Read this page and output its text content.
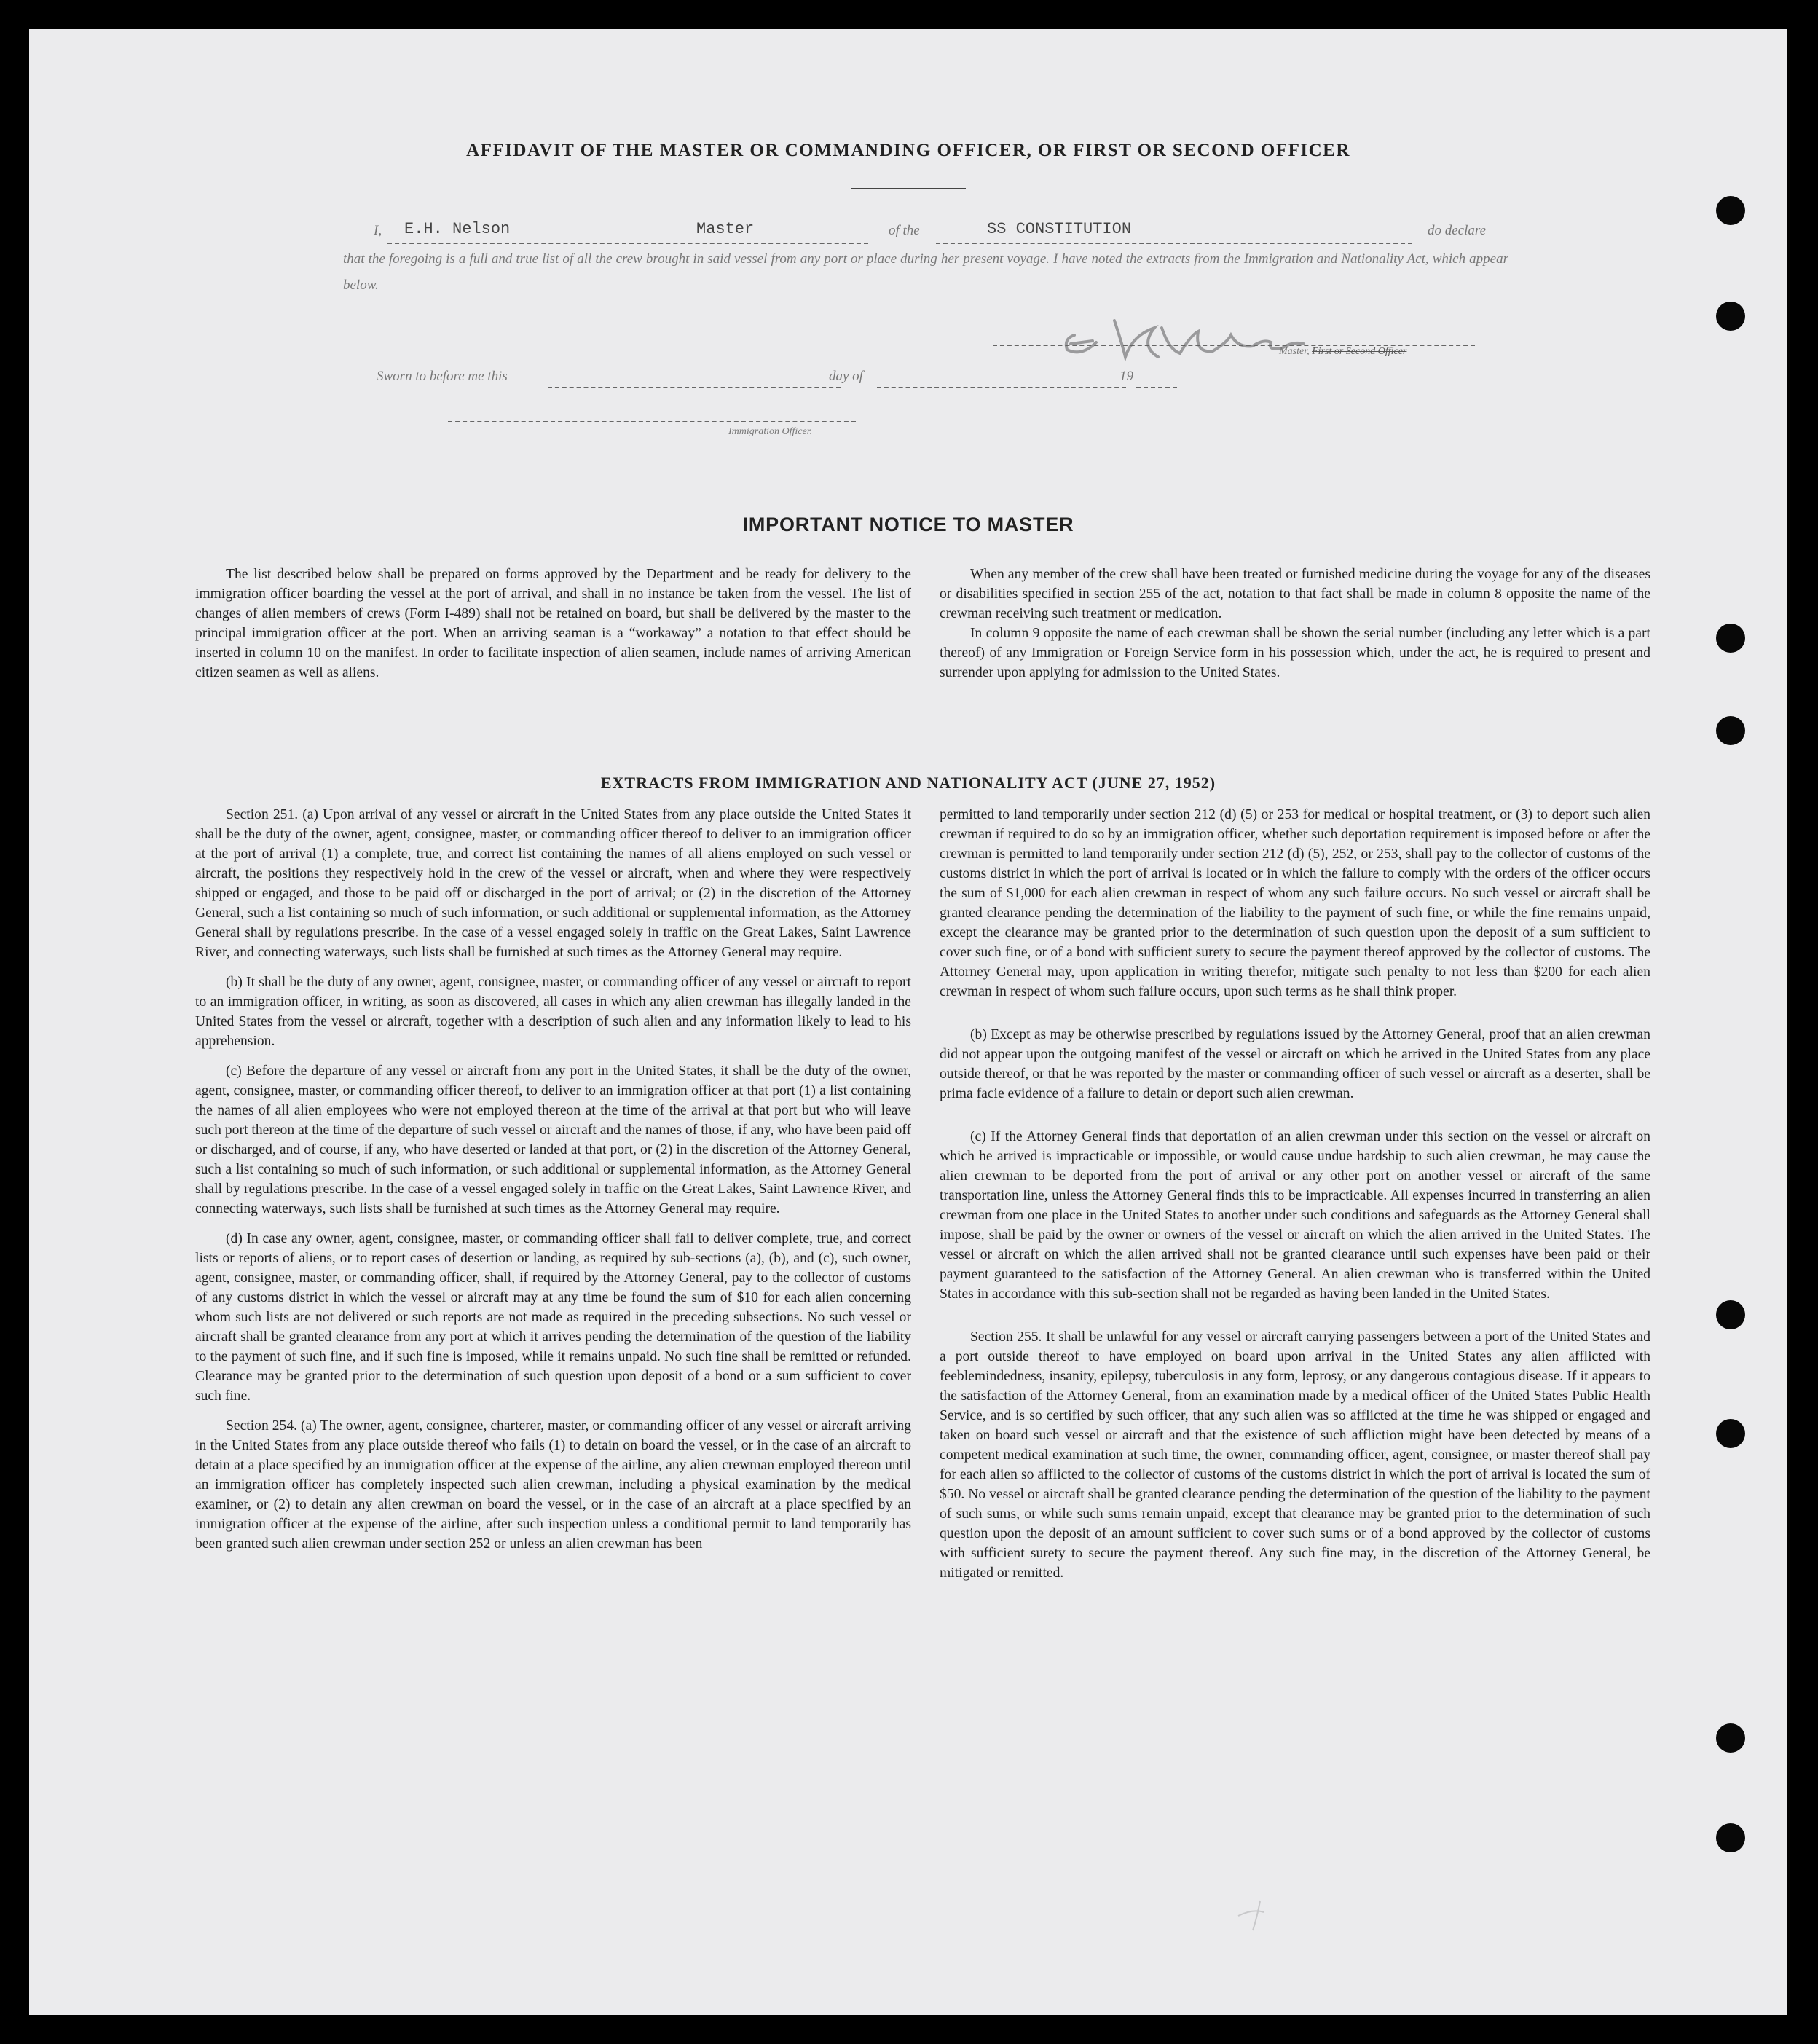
AFFIDAVIT OF THE MASTER OR COMMANDING OFFICER, OR FIRST OR SECOND OFFICER
I, E.H. Nelson	Master	of the	SS CONSTITUTION	do declare
that the foregoing is a full and true list of all the crew brought in said vessel from any port or place during her present voyage. I have noted the extracts from the Immigration and Nationality Act, which appear below.
Master, First or Second Officer
Sworn to before me this	day of	19
Immigration Officer.
IMPORTANT NOTICE TO MASTER

The list described below shall be prepared on forms approved by the Department and be ready for delivery to the immigration officer boarding the vessel at the port of arrival, and shall in no instance be taken from the vessel. The list of changes of alien members of crews (Form I-489) shall not be retained on board, but shall be delivered by the master to the principal immigration officer at the port. When an arriving seaman is a “workaway” a notation to that effect should be inserted in column 10 on the manifest. In order to facilitate inspection of alien seamen, include names of arriving American citizen seamen as well as aliens.

When any member of the crew shall have been treated or furnished medicine during the voyage for any of the diseases or disabilities specified in section 255 of the act, notation to that fact shall be made in column 8 opposite the name of the crewman receiving such treatment or medication.

In column 9 opposite the name of each crewman shall be shown the serial number (including any letter which is a part thereof) of any Immigration or Foreign Service form in his possession which, under the act, he is required to present and surrender upon applying for admission to the United States.

EXTRACTS FROM IMMIGRATION AND NATIONALITY ACT (JUNE 27, 1952)

Section 251. (a) Upon arrival of any vessel or aircraft in the United States from any place outside the United States it shall be the duty of the owner, agent, consignee, master, or commanding officer thereof to deliver to an immigration officer at the port of arrival (1) a complete, true, and correct list containing the names of all aliens employed on such vessel or aircraft, the positions they respectively hold in the crew of the vessel or aircraft, when and where they were respectively shipped or engaged, and those to be paid off or discharged in the port of arrival; or (2) in the discretion of the Attorney General, such a list containing so much of such information, or such additional or supplemental information, as the Attorney General shall by regulations prescribe. In the case of a vessel engaged solely in traffic on the Great Lakes, Saint Lawrence River, and connecting waterways, such lists shall be furnished at such times as the Attorney General may require.

(b) It shall be the duty of any owner, agent, consignee, master, or commanding officer of any vessel or aircraft to report to an immigration officer, in writing, as soon as discovered, all cases in which any alien crewman has illegally landed in the United States from the vessel or aircraft, together with a description of such alien and any information likely to lead to his apprehension.

(c) Before the departure of any vessel or aircraft from any port in the United States, it shall be the duty of the owner, agent, consignee, master, or commanding officer thereof, to deliver to an immigration officer at that port (1) a list containing the names of all alien employees who were not employed thereon at the time of the arrival at that port but who will leave such port thereon at the time of the departure of such vessel or aircraft and the names of those, if any, who have been paid off or discharged, and of course, if any, who have deserted or landed at that port, or (2) in the discretion of the Attorney General, such a list containing so much of such information, or such additional or supplemental information, as the Attorney General shall by regulations prescribe. In the case of a vessel engaged solely in traffic on the Great Lakes, Saint Lawrence River, and connecting waterways, such lists shall be furnished at such times as the Attorney General may require.

(d) In case any owner, agent, consignee, master, or commanding officer shall fail to deliver complete, true, and correct lists or reports of aliens, or to report cases of desertion or landing, as required by sub-sections (a), (b), and (c), such owner, agent, consignee, master, or commanding officer, shall, if required by the Attorney General, pay to the collector of customs of any customs district in which the vessel or aircraft may at any time be found the sum of $10 for each alien concerning whom such lists are not delivered or such reports are not made as required in the preceding subsections. No such vessel or aircraft shall be granted clearance from any port at which it arrives pending the determination of the question of the liability to the payment of such fine, and if such fine is imposed, while it remains unpaid. No such fine shall be remitted or refunded. Clearance may be granted prior to the determination of such question upon deposit of a bond or a sum sufficient to cover such fine.

Section 254. (a) The owner, agent, consignee, charterer, master, or commanding officer of any vessel or aircraft arriving in the United States from any place outside thereof who fails (1) to detain on board the vessel, or in the case of an aircraft to detain at a place specified by an immigration officer at the expense of the airline, any alien crewman employed thereon until an immigration officer has completely inspected such alien crewman, including a physical examination by the medical examiner, or (2) to detain any alien crewman on board the vessel, or in the case of an aircraft at a place specified by an immigration officer at the expense of the airline, after such inspection unless a conditional permit to land temporarily has been granted such alien crewman under section 252 or unless an alien crewman has been

permitted to land temporarily under section 212 (d) (5) or 253 for medical or hospital treatment, or (3) to deport such alien crewman if required to do so by an immigration officer, whether such deportation requirement is imposed before or after the crewman is permitted to land temporarily under section 212 (d) (5), 252, or 253, shall pay to the collector of customs of the customs district in which the port of arrival is located or in which the failure to comply with the orders of the officer occurs the sum of $1,000 for each alien crewman in respect of whom any such failure occurs. No such vessel or aircraft shall be granted clearance pending the determination of the liability to the payment of such fine, or while the fine remains unpaid, except the clearance may be granted prior to the determination of such question upon the deposit of a sum sufficient to cover such fine, or of a bond with sufficient surety to secure the payment thereof approved by the collector of customs. The Attorney General may, upon application in writing therefor, mitigate such penalty to not less than $200 for each alien crewman in respect of whom such failure occurs, upon such terms as he shall think proper.

(b) Except as may be otherwise prescribed by regulations issued by the Attorney General, proof that an alien crewman did not appear upon the outgoing manifest of the vessel or aircraft on which he arrived in the United States from any place outside thereof, or that he was reported by the master or commanding officer of such vessel or aircraft as a deserter, shall be prima facie evidence of a failure to detain or deport such alien crewman.

(c) If the Attorney General finds that deportation of an alien crewman under this section on the vessel or aircraft on which he arrived is impracticable or impossible, or would cause undue hardship to such alien crewman, he may cause the alien crewman to be deported from the port of arrival or any other port on another vessel or aircraft of the same transportation line, unless the Attorney General finds this to be impracticable. All expenses incurred in transferring an alien crewman from one place in the United States to another under such conditions and safeguards as the Attorney General shall impose, shall be paid by the owner or owners of the vessel or aircraft on which the alien arrived in the United States. The vessel or aircraft on which the alien arrived shall not be granted clearance until such expenses have been paid or their payment guaranteed to the satisfaction of the Attorney General. An alien crewman who is transferred within the United States in accordance with this sub-section shall not be regarded as having been landed in the United States.

Section 255. It shall be unlawful for any vessel or aircraft carrying passengers between a port of the United States and a port outside thereof to have employed on board upon arrival in the United States any alien afflicted with feeblemindedness, insanity, epilepsy, tuberculosis in any form, leprosy, or any dangerous contagious disease. If it appears to the satisfaction of the Attorney General, from an examination made by a medical officer of the United States Public Health Service, and is so certified by such officer, that any such alien was so afflicted at the time he was shipped or engaged and taken on board such vessel or aircraft and that the existence of such affliction might have been detected by means of a competent medical examination at such time, the owner, commanding officer, agent, consignee, or master thereof shall pay for each alien so afflicted to the collector of customs of the customs district in which the port of arrival is located the sum of $50. No vessel or aircraft shall be granted clearance pending the determination of the question of the liability to the payment of such sums, or while such sums remain unpaid, except that clearance may be granted prior to the determination of such question upon the deposit of an amount sufficient to cover such sums or of a bond approved by the collector of customs with sufficient surety to secure the payment thereof. Any such fine may, in the discretion of the Attorney General, be mitigated or remitted.
